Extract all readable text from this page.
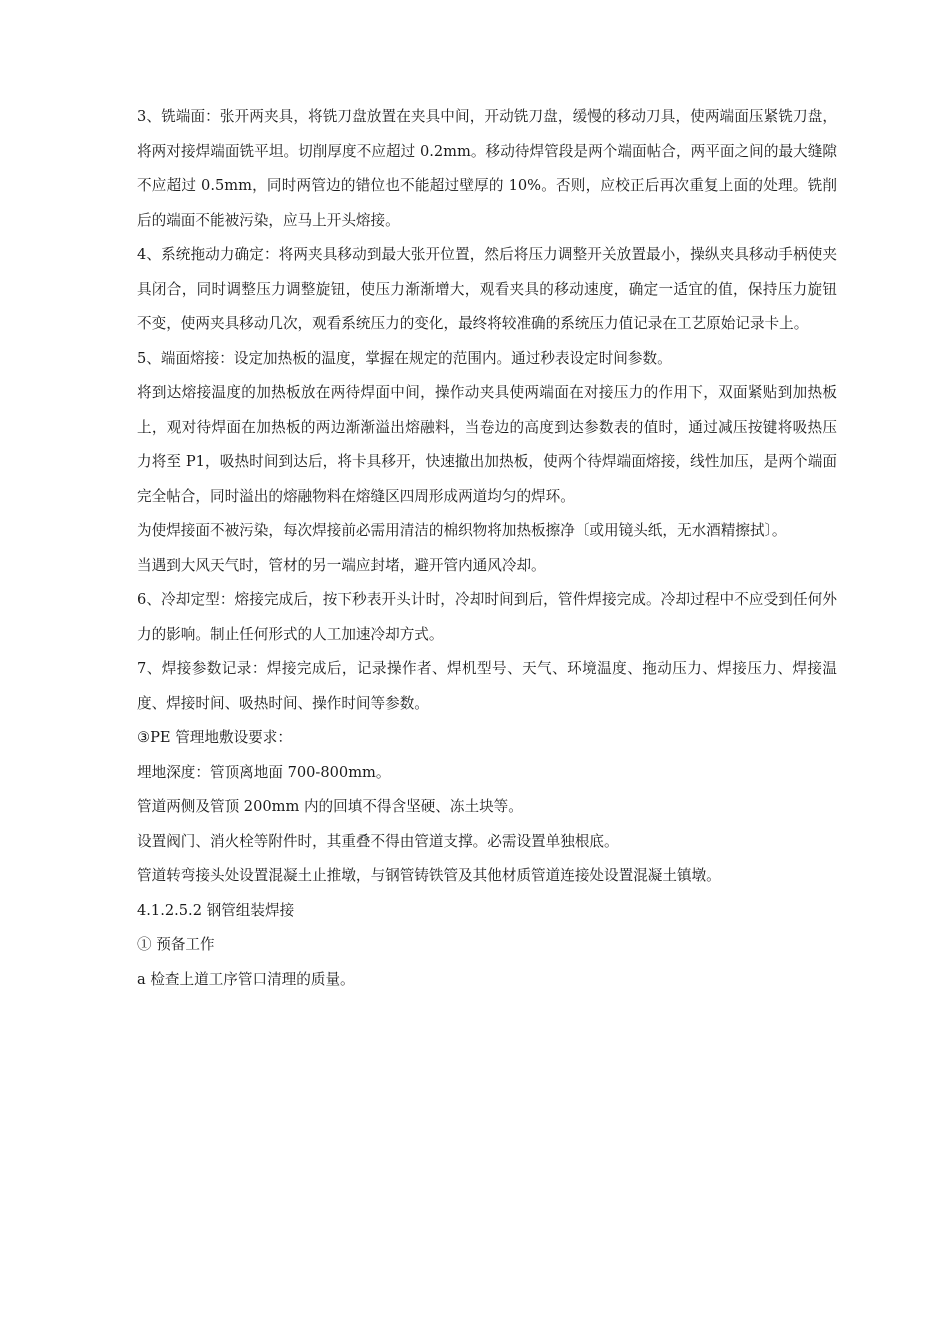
3、铣端面：张开两夹具，将铣刀盘放置在夹具中间，开动铣刀盘，缓慢的移动刀具，使两端面压紧铣刀盘，将两对接焊端面铣平坦。切削厚度不应超过 0.2mm。移动待焊管段是两个端面帖合，两平面之间的最大缝隙不应超过 0.5mm，同时两管边的错位也不能超过壁厚的 10%。否则，应校正后再次重复上面的处理。铣削后的端面不能被污染，应马上开头熔接。

4、系统拖动力确定：将两夹具移动到最大张开位置，然后将压力调整开关放置最小，操纵夹具移动手柄使夹具闭合，同时调整压力调整旋钮，使压力渐渐增大，观看夹具的移动速度，确定一适宜的值，保持压力旋钮不变，使两夹具移动几次，观看系统压力的变化，最终将较准确的系统压力值记录在工艺原始记录卡上。

5、端面熔接：设定加热板的温度，掌握在规定的范围内。通过秒表设定时间参数。

将到达熔接温度的加热板放在两待焊面中间，操作动夹具使两端面在对接压力的作用下，双面紧贴到加热板上，观对待焊面在加热板的两边渐渐溢出熔融料，当卷边的高度到达参数表的值时，通过减压按键将吸热压力将至 P1，吸热时间到达后，将卡具移开，快速撤出加热板，使两个待焊端面熔接，线性加压，是两个端面完全帖合，同时溢出的熔融物料在熔缝区四周形成两道均匀的焊环。

为使焊接面不被污染，每次焊接前必需用清洁的棉织物将加热板擦净〔或用镜头纸，无水酒精擦拭〕。

当遇到大风天气时，管材的另一端应封堵，避开管内通风冷却。

6、冷却定型：熔接完成后，按下秒表开头计时，冷却时间到后，管件焊接完成。冷却过程中不应受到任何外力的影响。制止任何形式的人工加速冷却方式。

7、焊接参数记录：焊接完成后，记录操作者、焊机型号、天气、环境温度、拖动压力、焊接压力、焊接温度、焊接时间、吸热时间、操作时间等参数。

③PE 管理地敷设要求：

埋地深度：管顶离地面 700-800mm。

管道两侧及管顶 200mm 内的回填不得含坚硬、冻土块等。

设置阀门、消火栓等附件时，其重叠不得由管道支撑。必需设置单独根底。

管道转弯接头处设置混凝土止推墩，与钢管铸铁管及其他材质管道连接处设置混凝土镇墩。

4.1.2.5.2 钢管组装焊接

① 预备工作

a 检查上道工序管口清理的质量。
